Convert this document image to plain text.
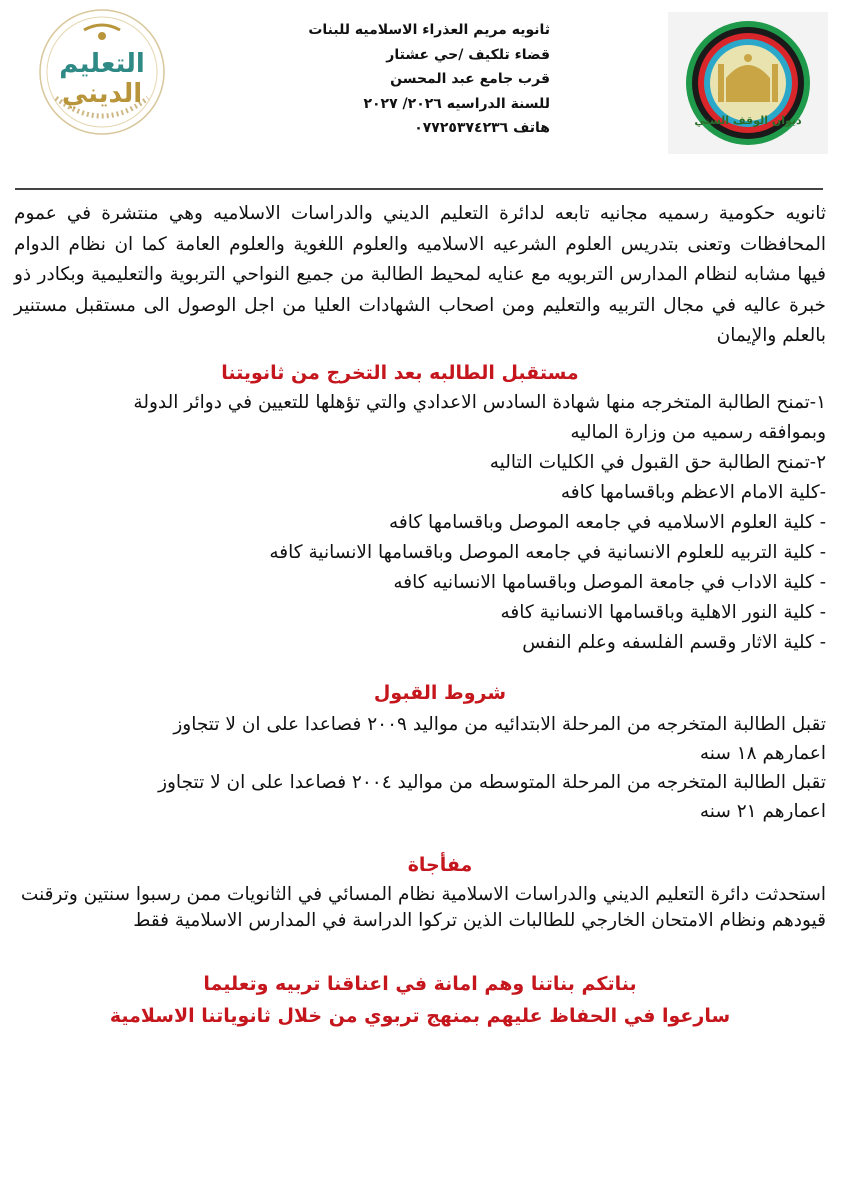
التعليم
الديني
ثانويه مريم العذراء الاسلاميه للبنات
قضاء تلكيف /حي عشتار
قرب جامع عبد المحسن
للسنة الدراسيه ٢٠٢٦/ ٢٠٢٧
هاتف ٠٧٧٢٥٣٧٤٢٣٦	ديوان الوقف السني
ثانويه حكومية رسميه مجانيه تابعه لدائرة التعليم الديني والدراسات الاسلاميه وهي منتشرة في عموم المحافظات وتعنى بتدريس العلوم الشرعيه الاسلاميه والعلوم اللغوية والعلوم العامة كما ان نظام الدوام فيها مشابه لنظام المدارس التربويه مع عنايه لمحيط الطالبة من جميع النواحي التربوية والتعليمية وبكادر ذو خبرة عاليه في مجال التربيه والتعليم ومن اصحاب الشهادات العليا من اجل الوصول الى مستقبل مستنير بالعلم والإيمان
مستقبل الطالبه بعد التخرج من ثانويتنا
١-تمنح الطالبة المتخرجه منها شهادة السادس الاعدادي والتي تؤهلها للتعيين في دوائر الدولة
وبموافقه رسميه من وزارة الماليه
٢-تمنح الطالبة حق القبول في الكليات التاليه
-كلية الامام الاعظم وباقسامها كافه
- كلية العلوم الاسلاميه في جامعه الموصل وباقسامها كافه
- كلية التربيه للعلوم الانسانية في جامعه الموصل وباقسامها الانسانية كافه
- كلية الاداب في جامعة الموصل وباقسامها الانسانيه كافه
- كلية النور الاهلية وباقسامها الانسانية كافه
- كلية الاثار وقسم الفلسفه وعلم النفس
شروط القبول
تقبل الطالبة المتخرجه من المرحلة الابتدائيه من مواليد ٢٠٠٩ فصاعدا على ان لا تتجاوز
اعمارهم ١٨ سنه
تقبل الطالبة المتخرجه من المرحلة المتوسطه من مواليد ٢٠٠٤ فصاعدا على ان لا تتجاوز
اعمارهم ٢١ سنه
مفأجاة
استحدثت دائرة التعليم الديني والدراسات الاسلامية نظام المسائي في الثانويات ممن رسبوا سنتين وترقنت قيودهم ونظام الامتحان الخارجي للطالبات الذين تركوا الدراسة في المدارس الاسلامية فقط
بناتكم بناتنا وهم امانة في اعناقنا تربيه وتعليما
سارعوا في الحفاظ عليهم بمنهج تربوي من خلال ثانوياتنا الاسلامية
